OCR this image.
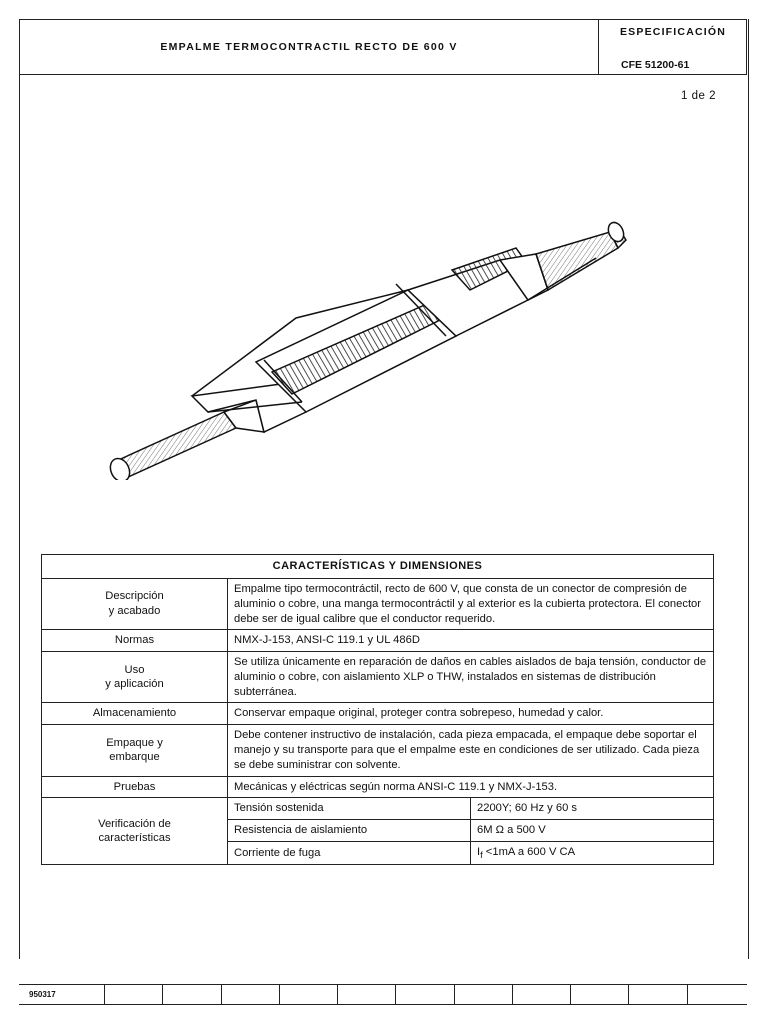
EMPALME TERMOCONTRACTIL RECTO DE 600 V
ESPECIFICACIÓN
CFE 51200-61
1 de 2
CARACTERÍSTICAS Y DIMENSIONES		

Descripción
y acabado	Empalme tipo termocontráctil, recto de 600 V, que consta de un conector de compresión de aluminio o cobre, una manga termocontráctil y al exterior es la cubierta protectora. El conector debe ser de igual calibre que el conductor requerido.	

Normas	NMX-J-153, ANSI-C 119.1 y UL 486D	

Uso
y aplicación	Se utiliza únicamente en reparación de daños en cables aislados de baja tensión, conductor de aluminio o cobre, con aislamiento XLP o THW, instalados en sistemas de distribución subterránea.	

Almacenamiento	Conservar empaque original, proteger contra sobrepeso, humedad y calor.	

Empaque y
embarque	Debe contener instructivo de instalación, cada pieza empacada, el empaque debe soportar el manejo y su transporte para que el empalme este en condiciones de ser utilizado. Cada pieza se debe suministrar con solvente.	

Pruebas	Mecánicas y eléctricas según norma ANSI-C 119.1 y NMX-J-153.	

Verificación de
características	Tensión sostenida	2200Y; 60 Hz y 60 s
	Resistencia de aislamiento	6M Ω a 500 V
	Corriente de fuga	$I_f <1mA$ a 600 V CA
950317
